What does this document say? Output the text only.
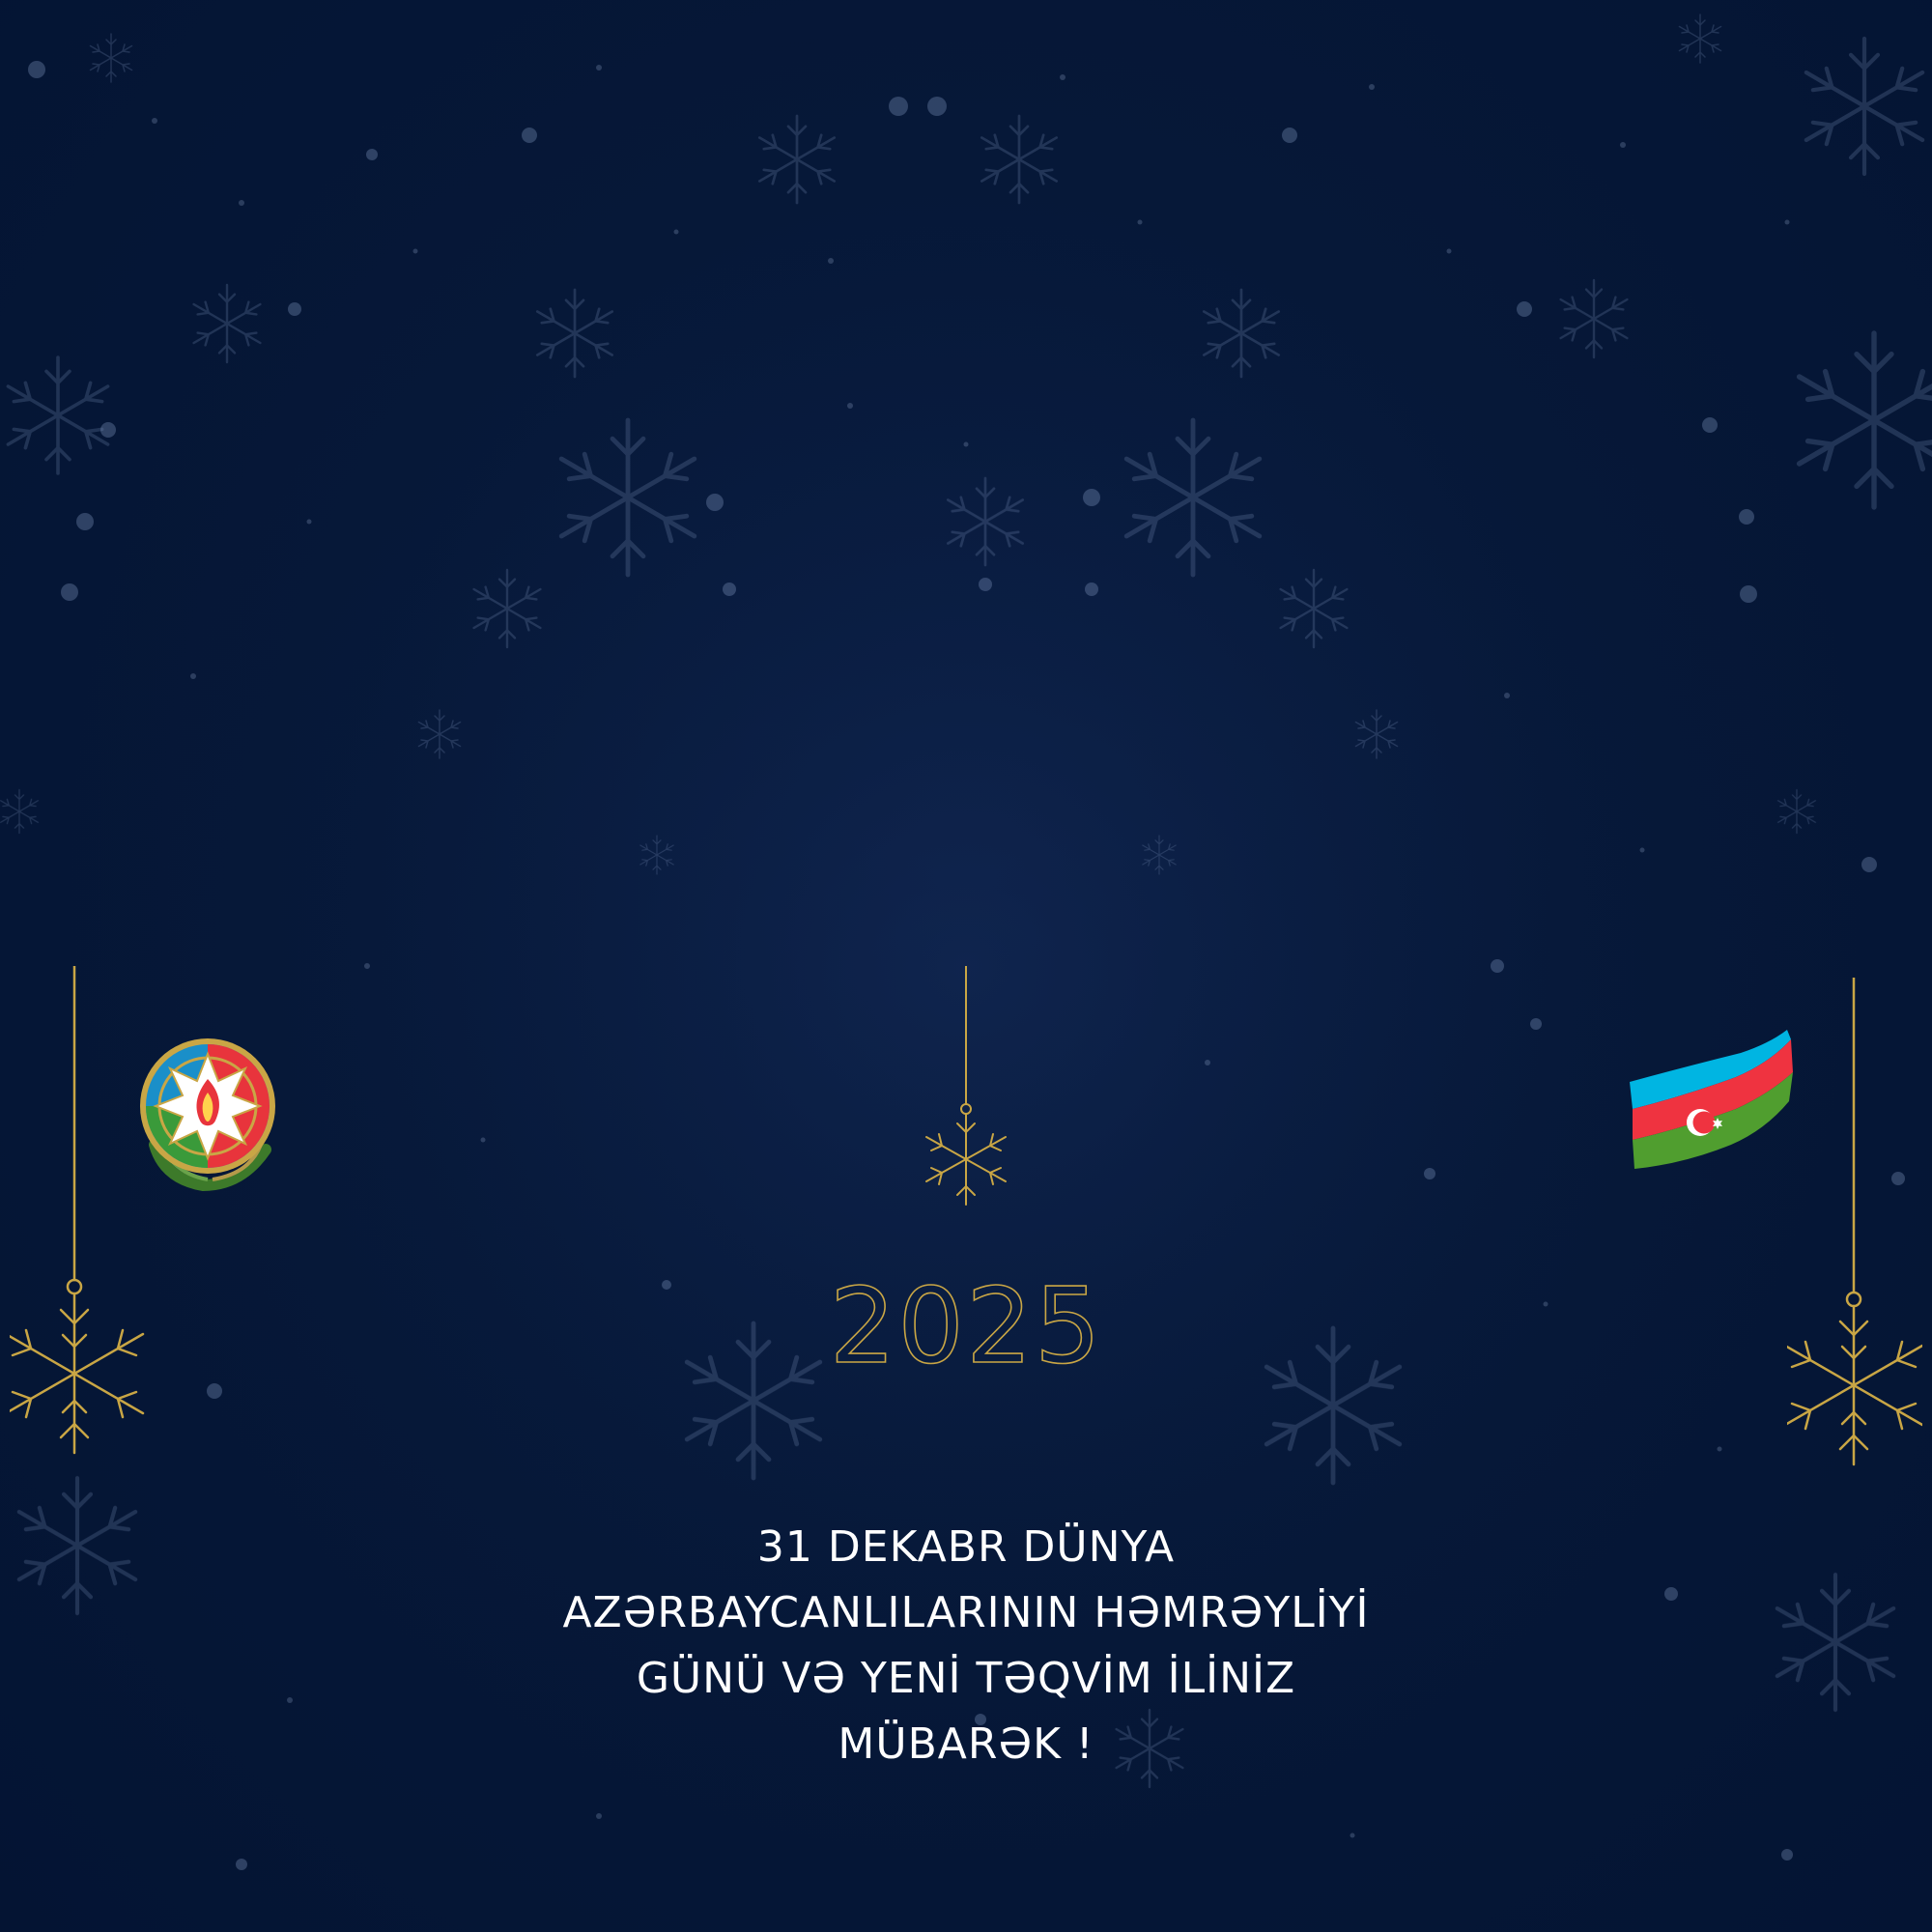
2025
31 DEKABR DÜNYA
AZƏRBAYCANLILARININ HƏMRƏYLİYİ
GÜNÜ VƏ YENİ TƏQVİM İLİNİZ
MÜBARƏK !
